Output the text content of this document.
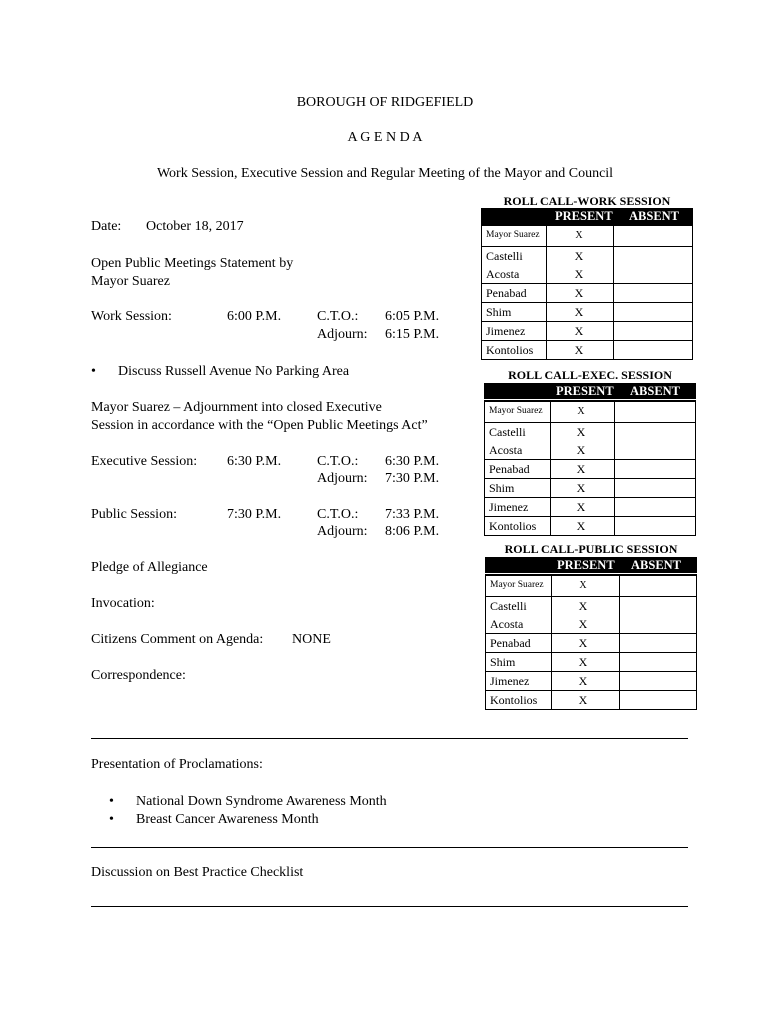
BOROUGH OF RIDGEFIELD
A G E N D A
Work Session, Executive Session and Regular Meeting of the Mayor and Council
Date: October 18, 2017
Open Public Meetings Statement by
Mayor Suarez
Work Session:	6:00 P.M.	C.T.O.: 6:05 P.M.
Adjourn: 6:15 P.M.
• Discuss Russell Avenue No Parking Area
Mayor Suarez – Adjournment into closed Executive
Session in accordance with the “Open Public Meetings Act”
Executive Session: 6:30 P.M.	C.T.O.: 6:30 P.M.
Adjourn: 7:30 P.M.
Public Session:	7:30 P.M.	C.T.O.: 7:33 P.M.
Adjourn: 8:06 P.M.
Pledge of Allegiance
Invocation:
Citizens Comment on Agenda: NONE
Correspondence:
Presentation of Proclamations:
• National Down Syndrome Awareness Month
• Breast Cancer Awareness Month
Discussion on Best Practice Checklist
ROLL CALL-WORK SESSION
PRESENT ABSENT
Mayor Suarez	X
Castelli	X
Acosta	X
Penabad	X
Shim	X
Jimenez	X
Kontolios	X
ROLL CALL-EXEC. SESSION
PRESENT ABSENT
Mayor Suarez	X
Castelli	X
Acosta	X
Penabad	X
Shim	X
Jimenez	X
Kontolios	X
ROLL CALL-PUBLIC SESSION
PRESENT ABSENT
Mayor Suarez	X
Castelli	X
Acosta	X
Penabad	X
Shim	X
Jimenez	X
Kontolios	X
